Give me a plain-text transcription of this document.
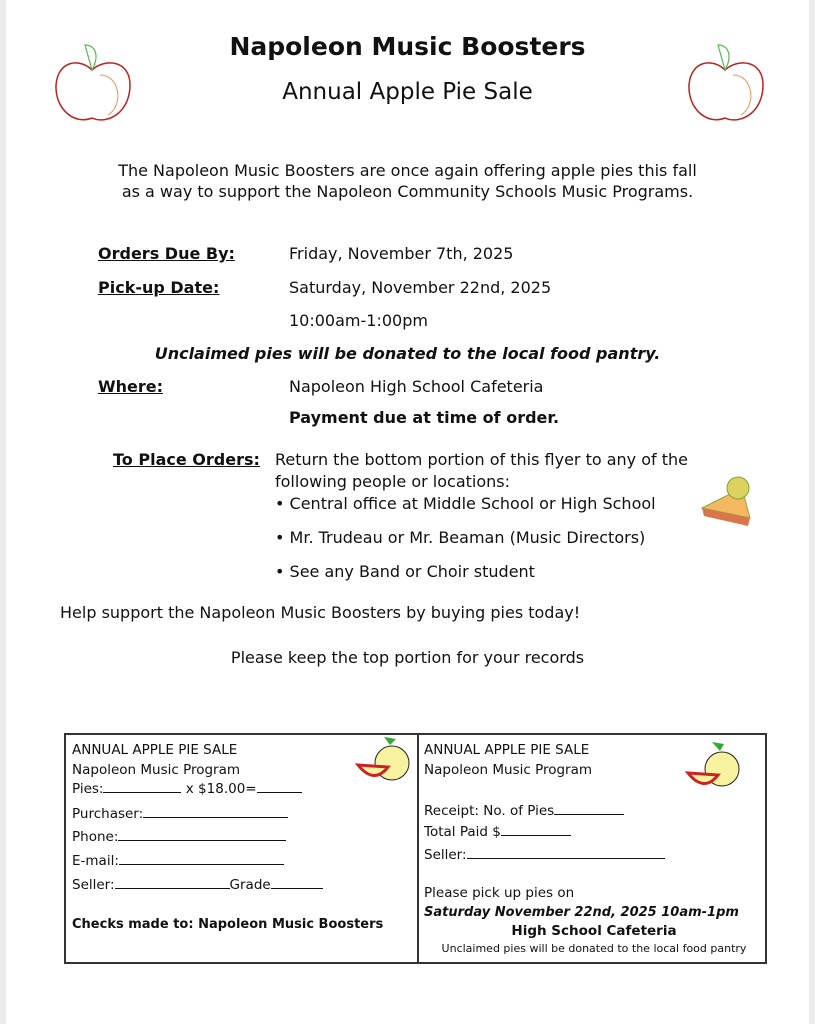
Napoleon Music Boosters
Annual Apple Pie Sale
The Napoleon Music Boosters are once again offering apple pies this fall
as a way to support the Napoleon Community Schools Music Programs.
Orders Due By:	Friday, November 7th, 2025
Pick-up Date:	Saturday, November 22nd, 2025
10:00am-1:00pm
Unclaimed pies will be donated to the local food pantry.
Where:	Napoleon High School Cafeteria
Payment due at time of order.
To Place Orders: Return the bottom portion of this flyer to any of the
following people or locations:
• Central office at Middle School or High School
• Mr. Trudeau or Mr. Beaman (Music Directors)
• See any Band or Choir student
Help support the Napoleon Music Boosters by buying pies today!
Please keep the top portion for your records
ANNUAL APPLE PIE SALE
Napoleon Music Program
Pies:	x $18.00=
Purchaser:
Phone:
E-mail:
Seller:	Grade
Checks made to: Napoleon Music Boosters
ANNUAL APPLE PIE SALE
Napoleon Music Program
Receipt: No. of Pies
Total Paid $
Seller:
Please pick up pies on
Saturday November 22nd, 2025 10am-1pm
High School Cafeteria
Unclaimed pies will be donated to the local food pantry
